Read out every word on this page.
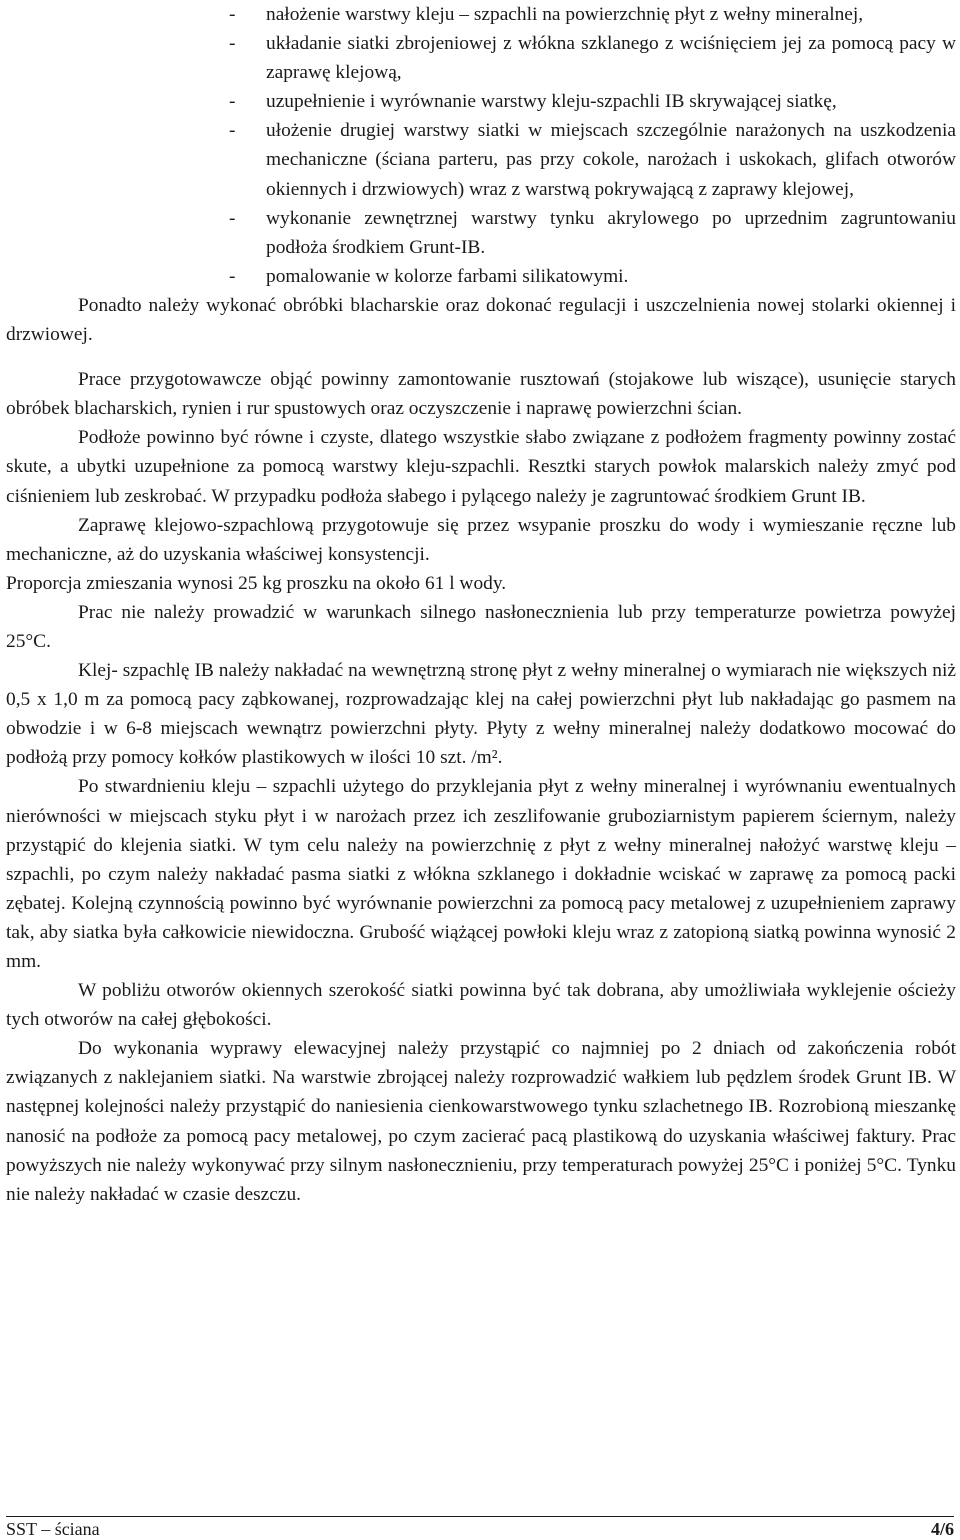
- nałożenie warstwy kleju – szpachli na powierzchnię płyt z wełny mineralnej,
- układanie siatki zbrojeniowej z włókna szklanego z wciśnięciem jej za pomocą pacy w zaprawę klejową,
- uzupełnienie i wyrównanie warstwy kleju-szpachli IB skrywającej siatkę,
- ułożenie drugiej warstwy siatki w miejscach szczególnie narażonych na uszkodzenia mechaniczne (ściana parteru, pas przy cokole, narożach i uskokach, glifach otworów okiennych i drzwiowych) wraz z warstwą pokrywającą z zaprawy klejowej,
- wykonanie zewnętrznej warstwy tynku akrylowego po uprzednim zagruntowaniu podłoża środkiem Grunt-IB.
- pomalowanie w kolorze farbami silikatowymi.

Ponadto należy wykonać obróbki blacharskie oraz dokonać regulacji i uszczelnienia nowej stolarki okiennej i drzwiowej.

Prace przygotowawcze objąć powinny zamontowanie rusztowań (stojakowe lub wiszące), usunięcie starych obróbek blacharskich, rynien i rur spustowych oraz oczyszczenie i naprawę powierzchni ścian.

Podłoże powinno być równe i czyste, dlatego wszystkie słabo związane z podłożem fragmenty powinny zostać skute, a ubytki uzupełnione za pomocą warstwy kleju-szpachli. Resztki starych powłok malarskich należy zmyć pod ciśnieniem lub zeskrobać. W przypadku podłoża słabego i pylącego należy je zagruntować środkiem Grunt IB.

Zaprawę klejowo-szpachlową przygotowuje się przez wsypanie proszku do wody i wymieszanie ręczne lub mechaniczne, aż do uzyskania właściwej konsystencji.

Proporcja zmieszania wynosi 25 kg proszku na około 61 l wody.

Prac nie należy prowadzić w warunkach silnego nasłonecznienia lub przy temperaturze powietrza powyżej 25°C.

Klej- szpachlę IB należy nakładać na wewnętrzną stronę płyt z wełny mineralnej o wymiarach nie większych niż 0,5 x 1,0 m za pomocą pacy ząbkowanej, rozprowadzając klej na całej powierzchni płyt lub nakładając go pasmem na obwodzie i w 6-8 miejscach wewnątrz powierzchni płyty. Płyty z wełny mineralnej należy dodatkowo mocować do podłożą przy pomocy kołków plastikowych w ilości 10 szt. /m².

Po stwardnieniu kleju – szpachli użytego do przyklejania płyt z wełny mineralnej i wyrównaniu ewentualnych nierówności w miejscach styku płyt i w narożach przez ich zeszlifowanie gruboziarnistym papierem ściernym, należy przystąpić do klejenia siatki. W tym celu należy na powierzchnię z płyt z wełny mineralnej nałożyć warstwę kleju – szpachli, po czym należy nakładać pasma siatki z włókna szklanego i dokładnie wciskać w zaprawę za pomocą packi zębatej. Kolejną czynnością powinno być wyrównanie powierzchni za pomocą pacy metalowej z uzupełnieniem zaprawy tak, aby siatka była całkowicie niewidoczna. Grubość wiążącej powłoki kleju wraz z zatopioną siatką powinna wynosić 2 mm.

W pobliżu otworów okiennych szerokość siatki powinna być tak dobrana, aby umożliwiała wyklejenie ościeży tych otworów na całej głębokości.

Do wykonania wyprawy elewacyjnej należy przystąpić co najmniej po 2 dniach od zakończenia robót związanych z naklejaniem siatki. Na warstwie zbrojącej należy rozprowadzić wałkiem lub pędzlem środek Grunt IB. W następnej kolejności należy przystąpić do naniesienia cienkowarstwowego tynku szlachetnego IB. Rozrobioną mieszankę nanosić na podłoże za pomocą pacy metalowej, po czym zacierać pacą plastikową do uzyskania właściwej faktury. Prac powyższych nie należy wykonywać przy silnym nasłonecznieniu, przy temperaturach powyżej 25°C i poniżej 5°C. Tynku nie należy nakładać w czasie deszczu.

SST – ściana	4/6
